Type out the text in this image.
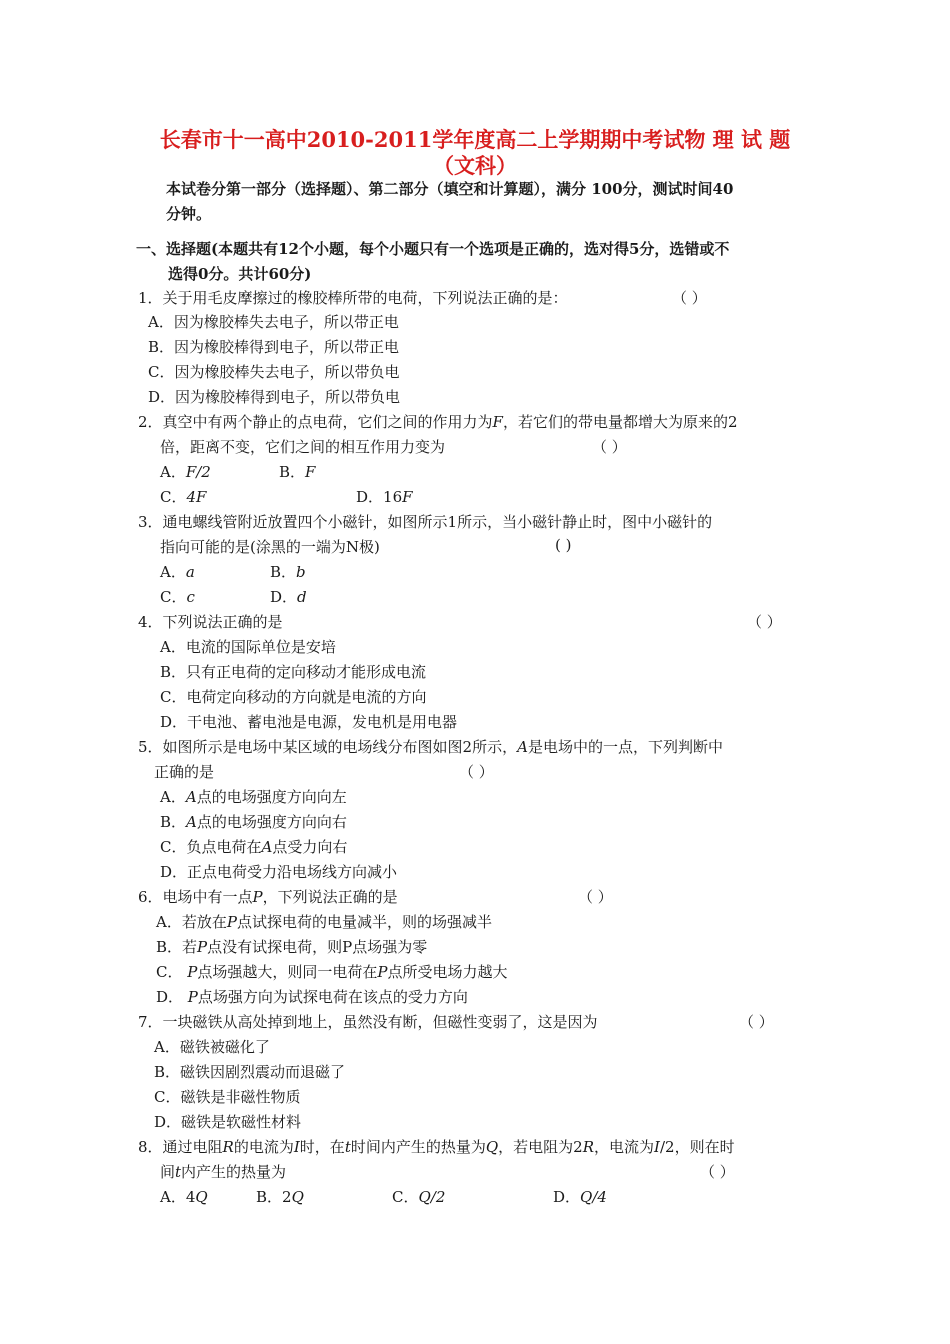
长春市十一高中2010-2011学年度高二上学期期中考试物 理 试 题
（文科）
本试卷分第一部分（选择题）、第二部分（填空和计算题），满分 100分，测试时间40
分钟。
一、选择题(本题共有12个小题，每个小题只有一个选项是正确的，选对得5分，选错或不
选得0分。共计60分)
1．关于用毛皮摩擦过的橡胶棒所带的电荷，下列说法正确的是：	（ ）
A．因为橡胶棒失去电子，所以带正电
B．因为橡胶棒得到电子，所以带正电
C．因为橡胶棒失去电子，所以带负电
D．因为橡胶棒得到电子，所以带负电
2．真空中有两个静止的点电荷，它们之间的作用力为F，若它们的带电量都增大为原来的2
倍，距离不变，它们之间的相互作用力变为	（ ）
A．F/2	B．F
C．4F	D．16F
3．通电螺线管附近放置四个小磁针，如图所示1所示，当小磁针静止时，图中小磁针的
指向可能的是(涂黑的一端为N极)	( )
A．a	B．b
C．c	D．d
4．下列说法正确的是	（ ）
A．电流的国际单位是安培
B．只有正电荷的定向移动才能形成电流
C．电荷定向移动的方向就是电流的方向
D．干电池、蓄电池是电源，发电机是用电器
5．如图所示是电场中某区域的电场线分布图如图2所示，A是电场中的一点，下列判断中
正确的是	（ ）
A．A点的电场强度方向向左
B．A点的电场强度方向向右
C．负点电荷在A点受力向右
D．正点电荷受力沿电场线方向减小
6．电场中有一点P，下列说法正确的是	（ ）
A．若放在P点试探电荷的电量减半，则的场强减半
B．若P点没有试探电荷，则P点场强为零
C． P点场强越大，则同一电荷在P点所受电场力越大
D． P点场强方向为试探电荷在该点的受力方向
7．一块磁铁从高处掉到地上，虽然没有断，但磁性变弱了，这是因为	（ ）
A．磁铁被磁化了
B．磁铁因剧烈震动而退磁了
C．磁铁是非磁性物质
D．磁铁是软磁性材料
8．通过电阻R的电流为I时，在t时间内产生的热量为Q，若电阻为2R，电流为I/2，则在时
间t内产生的热量为	（ ）
A．4Q	B．2Q	C．Q/2	D．Q/4
